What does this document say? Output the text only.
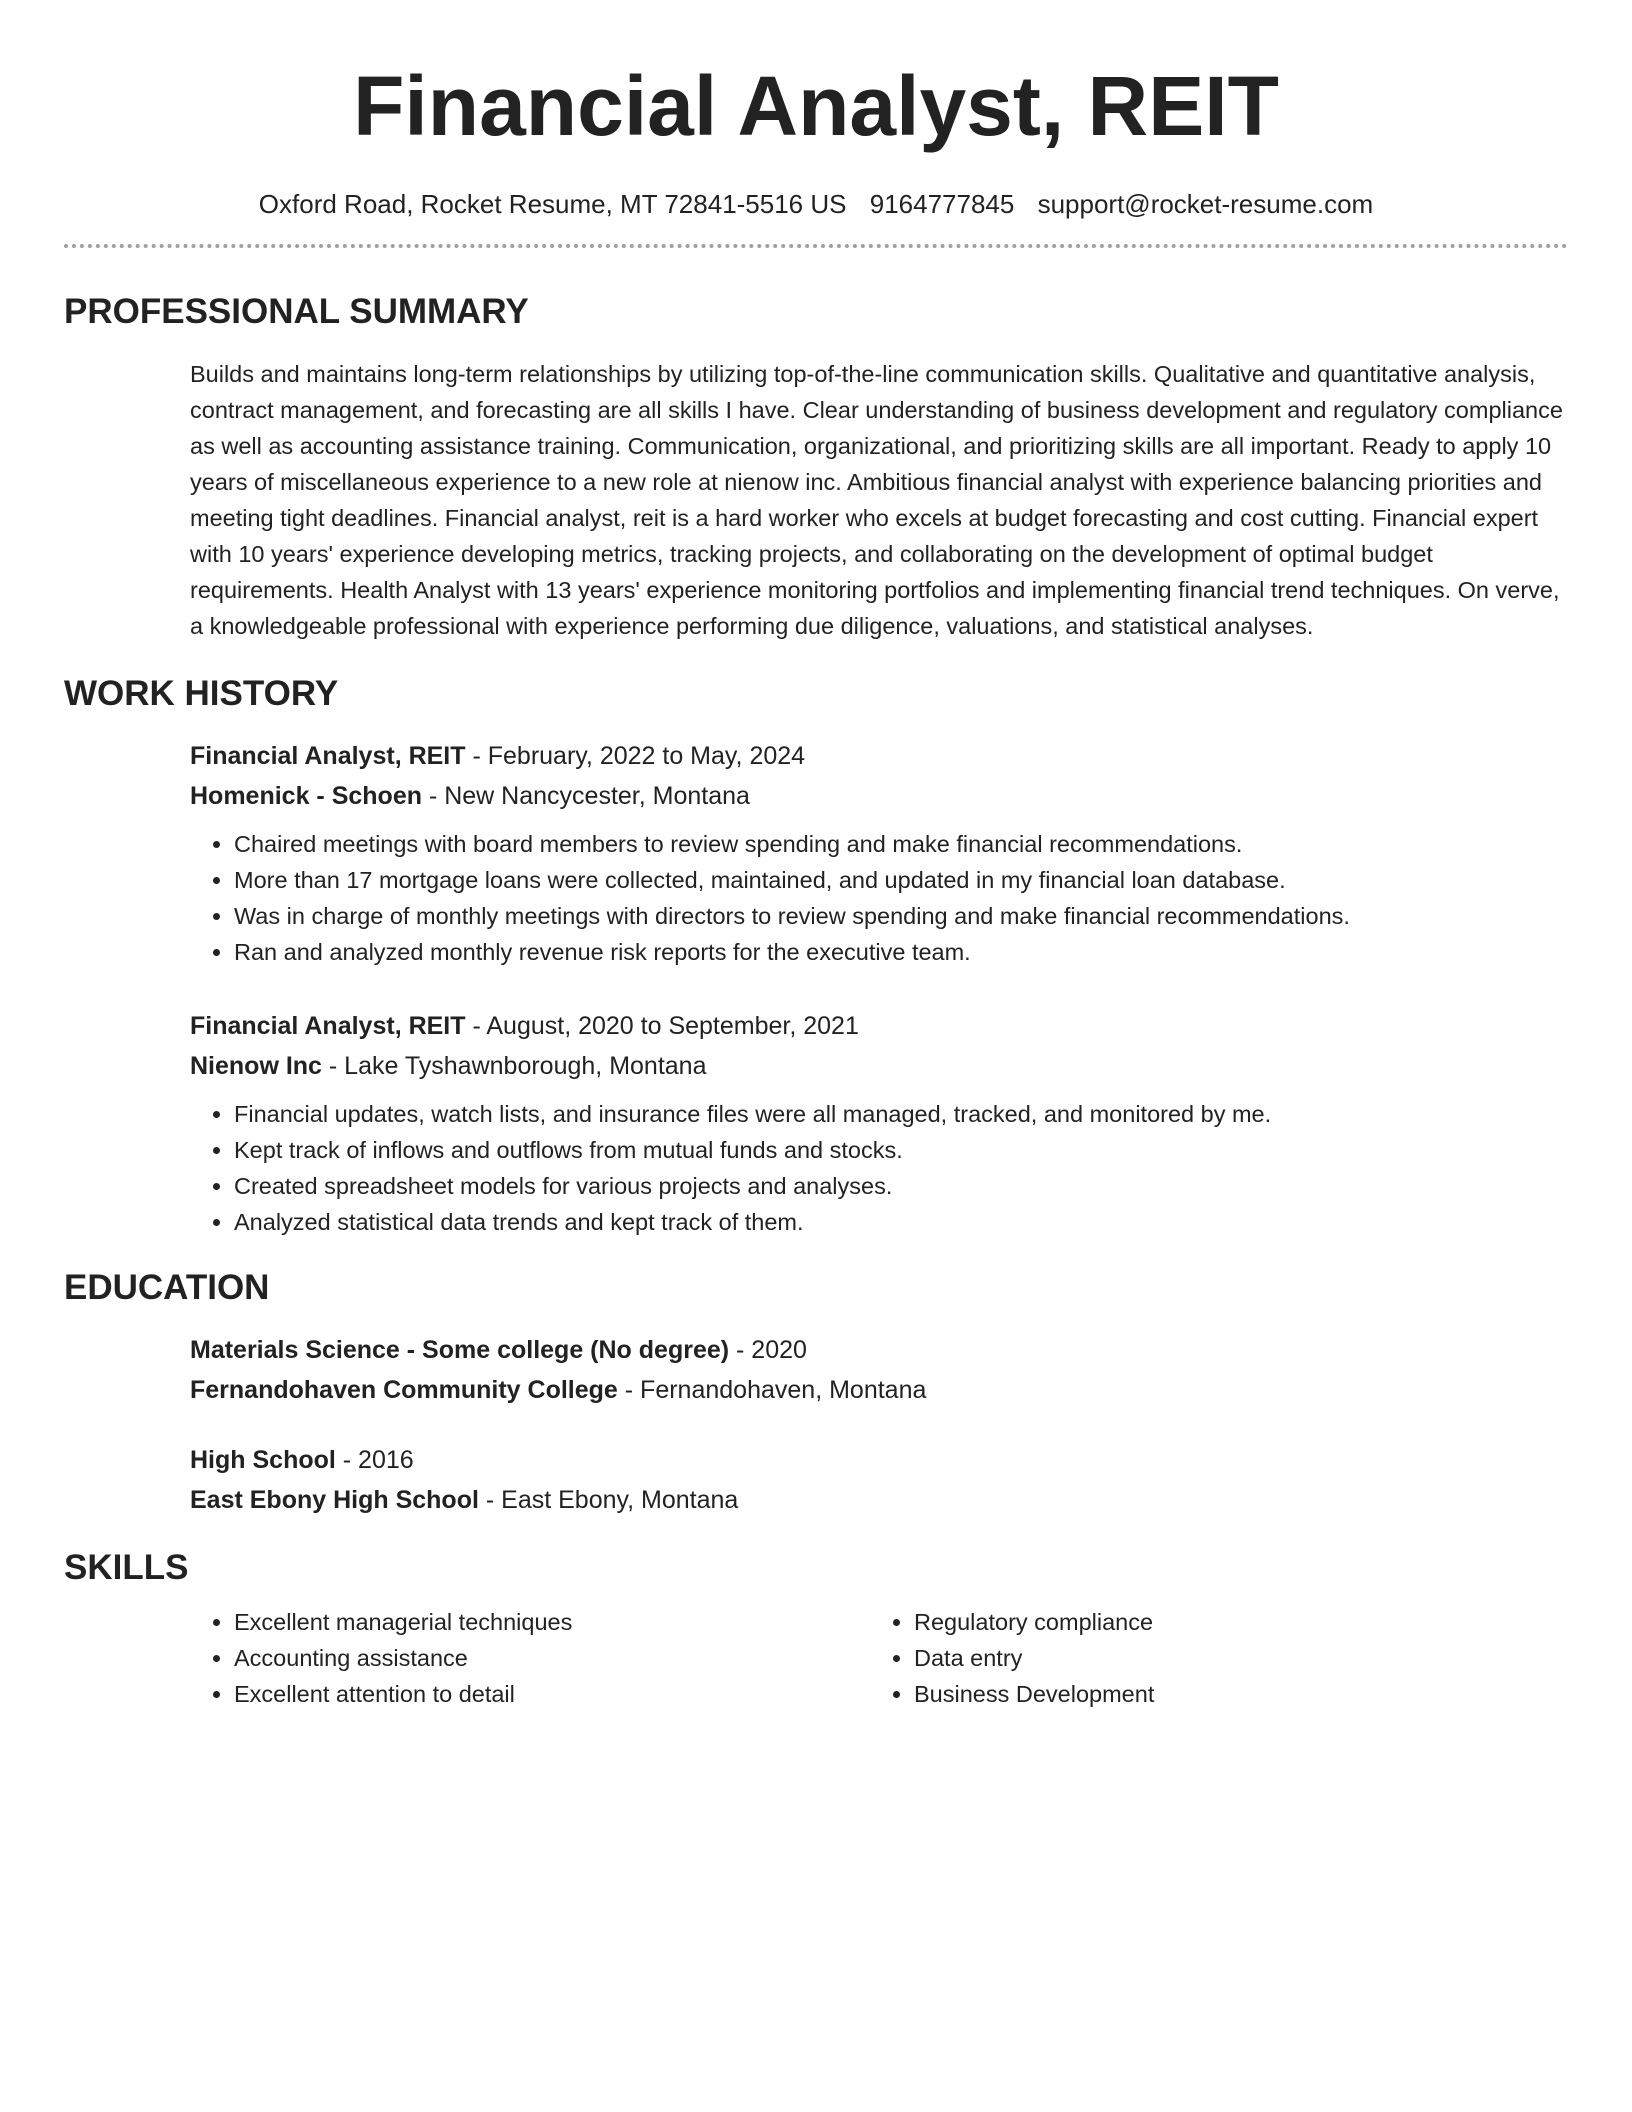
Financial Analyst, REIT
Oxford Road, Rocket Resume, MT 72841-5516 US 9164777845 support@rocket-resume.com
PROFESSIONAL SUMMARY
Builds and maintains long-term relationships by utilizing top-of-the-line communication skills. Qualitative and quantitative analysis, contract management, and forecasting are all skills I have. Clear understanding of business development and regulatory compliance as well as accounting assistance training. Communication, organizational, and prioritizing skills are all important. Ready to apply 10 years of miscellaneous experience to a new role at nienow inc. Ambitious financial analyst with experience balancing priorities and meeting tight deadlines. Financial analyst, reit is a hard worker who excels at budget forecasting and cost cutting. Financial expert with 10 years' experience developing metrics, tracking projects, and collaborating on the development of optimal budget requirements. Health Analyst with 13 years' experience monitoring portfolios and implementing financial trend techniques. On verve, a knowledgeable professional with experience performing due diligence, valuations, and statistical analyses.
WORK HISTORY
Financial Analyst, REIT - February, 2022 to May, 2024
Homenick - Schoen - New Nancycester, Montana
• Chaired meetings with board members to review spending and make financial recommendations.
• More than 17 mortgage loans were collected, maintained, and updated in my financial loan database.
• Was in charge of monthly meetings with directors to review spending and make financial recommendations.
• Ran and analyzed monthly revenue risk reports for the executive team.
Financial Analyst, REIT - August, 2020 to September, 2021
Nienow Inc - Lake Tyshawnborough, Montana
• Financial updates, watch lists, and insurance files were all managed, tracked, and monitored by me.
• Kept track of inflows and outflows from mutual funds and stocks.
• Created spreadsheet models for various projects and analyses.
• Analyzed statistical data trends and kept track of them.
EDUCATION
Materials Science - Some college (No degree) - 2020
Fernandohaven Community College - Fernandohaven, Montana
High School - 2016
East Ebony High School - East Ebony, Montana
SKILLS
• Excellent managerial techniques
• Accounting assistance
• Excellent attention to detail
• Regulatory compliance
• Data entry
• Business Development
